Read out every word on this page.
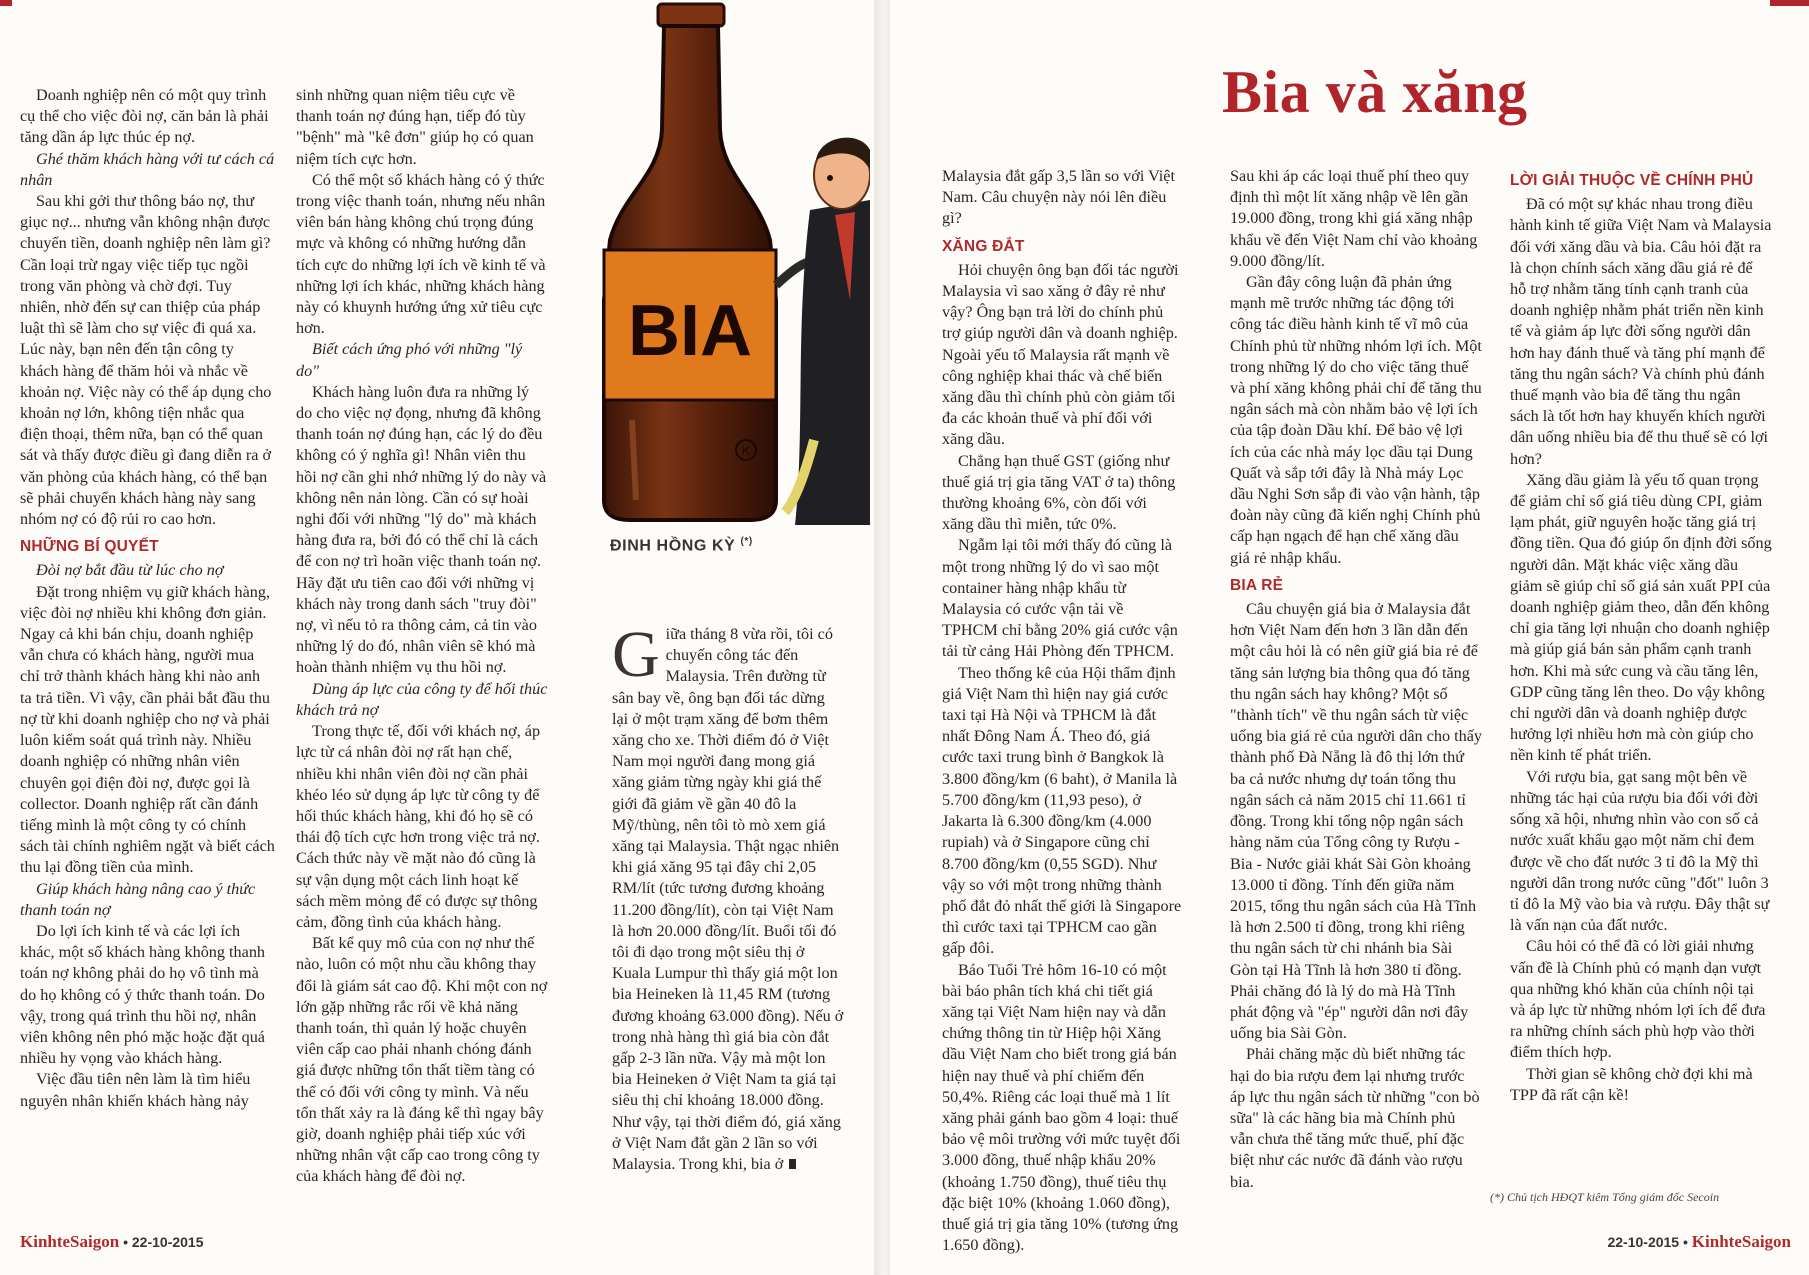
Doanh nghiệp nên có một quy trình cụ thể cho việc đòi nợ, căn bản là phải tăng dần áp lực thúc ép nợ.

Ghé thăm khách hàng với tư cách cá nhân

Sau khi gởi thư thông báo nợ, thư giục nợ... nhưng vẫn không nhận được chuyển tiền, doanh nghiệp nên làm gì? Cần loại trừ ngay việc tiếp tục ngồi trong văn phòng và chờ đợi. Tuy nhiên, nhờ đến sự can thiệp của pháp luật thì sẽ làm cho sự việc đi quá xa. Lúc này, bạn nên đến tận công ty khách hàng để thăm hỏi và nhắc về khoản nợ. Việc này có thể áp dụng cho khoản nợ lớn, không tiện nhắc qua điện thoại, thêm nữa, bạn có thể quan sát và thấy được điều gì đang diễn ra ở văn phòng của khách hàng, có thể bạn sẽ phải chuyển khách hàng này sang nhóm nợ có độ rủi ro cao hơn.

NHỮNG BÍ QUYẾT

Đòi nợ bắt đầu từ lúc cho nợ

Đặt trong nhiệm vụ giữ khách hàng, việc đòi nợ nhiều khi không đơn giản. Ngay cả khi bán chịu, doanh nghiệp vẫn chưa có khách hàng, người mua chỉ trở thành khách hàng khi nào anh ta trả tiền. Vì vậy, cần phải bắt đầu thu nợ từ khi doanh nghiệp cho nợ và phải luôn kiểm soát quá trình này. Nhiều doanh nghiệp có những nhân viên chuyên gọi điện đòi nợ, được gọi là collector. Doanh nghiệp rất cần đánh tiếng mình là một công ty có chính sách tài chính nghiêm ngặt và biết cách thu lại đồng tiền của mình.

Giúp khách hàng nâng cao ý thức thanh toán nợ

Do lợi ích kinh tế và các lợi ích khác, một số khách hàng không thanh toán nợ không phải do họ vô tình mà do họ không có ý thức thanh toán. Do vậy, trong quá trình thu hồi nợ, nhân viên không nên phó mặc hoặc đặt quá nhiều hy vọng vào khách hàng.

Việc đầu tiên nên làm là tìm hiểu nguyên nhân khiến khách hàng nảy

sinh những quan niệm tiêu cực về thanh toán nợ đúng hạn, tiếp đó tùy "bệnh" mà "kê đơn" giúp họ có quan niệm tích cực hơn.

Có thể một số khách hàng có ý thức trong việc thanh toán, nhưng nếu nhân viên bán hàng không chú trọng đúng mực và không có những hướng dẫn tích cực do những lợi ích về kinh tế và những lợi ích khác, những khách hàng này có khuynh hướng ứng xử tiêu cực hơn.

Biết cách ứng phó với những "lý do"

Khách hàng luôn đưa ra những lý do cho việc nợ đọng, nhưng đã không thanh toán nợ đúng hạn, các lý do đều không có ý nghĩa gì! Nhân viên thu hồi nợ cần ghi nhớ những lý do này và không nên nản lòng. Cần có sự hoài nghi đối với những "lý do" mà khách hàng đưa ra, bởi đó có thể chỉ là cách để con nợ trì hoãn việc thanh toán nợ. Hãy đặt ưu tiên cao đối với những vị khách này trong danh sách "truy đòi" nợ, vì nếu tỏ ra thông cảm, cả tin vào những lý do đó, nhân viên sẽ khó mà hoàn thành nhiệm vụ thu hồi nợ.

Dùng áp lực của công ty để hối thúc khách trả nợ

Trong thực tế, đối với khách nợ, áp lực từ cá nhân đòi nợ rất hạn chế, nhiều khi nhân viên đòi nợ cần phải khéo léo sử dụng áp lực từ công ty để hối thúc khách hàng, khi đó họ sẽ có thái độ tích cực hơn trong việc trả nợ. Cách thức này về mặt nào đó cũng là sự vận dụng một cách linh hoạt kế sách mềm mỏng để có được sự thông cảm, đồng tình của khách hàng.

Bất kể quy mô của con nợ như thế nào, luôn có một nhu cầu không thay đổi là giám sát cao độ. Khi một con nợ lớn gặp những rắc rối về khả năng thanh toán, thì quản lý hoặc chuyên viên cấp cao phải nhanh chóng đánh giá được những tổn thất tiềm tàng có thể có đối với công ty mình. Và nếu tổn thất xảy ra là đáng kể thì ngay bây giờ, doanh nghiệp phải tiếp xúc với những nhân vật cấp cao trong công ty của khách hàng để đòi nợ.

BIA
K
ĐINH HỒNG KỲ (*)
Giữa tháng 8 vừa rồi, tôi có chuyến công tác đến Malaysia. Trên đường từ sân bay về, ông bạn đối tác dừng lại ở một trạm xăng để bơm thêm xăng cho xe. Thời điểm đó ở Việt Nam mọi người đang mong giá xăng giảm từng ngày khi giá thế giới đã giảm về gần 40 đô la Mỹ/thùng, nên tôi tò mò xem giá xăng tại Malaysia. Thật ngạc nhiên khi giá xăng 95 tại đây chỉ 2,05 RM/lít (tức tương đương khoảng 11.200 đồng/lít), còn tại Việt Nam là hơn 20.000 đồng/lít. Buổi tối đó tôi đi dạo trong một siêu thị ở Kuala Lumpur thì thấy giá một lon bia Heineken là 11,45 RM (tương đương khoảng 63.000 đồng). Nếu ở trong nhà hàng thì giá bia còn đắt gấp 2-3 lần nữa. Vậy mà một lon bia Heineken ở Việt Nam ta giá tại siêu thị chỉ khoảng 18.000 đồng. Như vậy, tại thời điểm đó, giá xăng ở Việt Nam đắt gần 2 lần so với Malaysia. Trong khi, bia ở
KinhteSaigon • 22-10-2015
Bia và xăng

Malaysia đắt gấp 3,5 lần so với Việt Nam. Câu chuyện này nói lên điều gì?

XĂNG ĐẮT

Hỏi chuyện ông bạn đối tác người Malaysia vì sao xăng ở đây rẻ như vậy? Ông bạn trả lời do chính phủ trợ giúp người dân và doanh nghiệp. Ngoài yếu tố Malaysia rất mạnh về công nghiệp khai thác và chế biến xăng dầu thì chính phủ còn giảm tối đa các khoản thuế và phí đối với xăng dầu.

Chẳng hạn thuế GST (giống như thuế giá trị gia tăng VAT ở ta) thông thường khoảng 6%, còn đối với xăng dầu thì miễn, tức 0%.

Ngẫm lại tôi mới thấy đó cũng là một trong những lý do vì sao một container hàng nhập khẩu từ Malaysia có cước vận tải về TPHCM chỉ bằng 20% giá cước vận tải từ cảng Hải Phòng đến TPHCM.

Theo thống kê của Hội thẩm định giá Việt Nam thì hiện nay giá cước taxi tại Hà Nội và TPHCM là đắt nhất Đông Nam Á. Theo đó, giá cước taxi trung bình ở Bangkok là 3.800 đồng/km (6 baht), ở Manila là 5.700 đồng/km (11,93 peso), ở Jakarta là 6.300 đồng/km (4.000 rupiah) và ở Singapore cũng chỉ 8.700 đồng/km (0,55 SGD). Như vậy so với một trong những thành phố đắt đỏ nhất thế giới là Singapore thì cước taxi tại TPHCM cao gần gấp đôi.

Báo Tuổi Trẻ hôm 16-10 có một bài báo phân tích khá chi tiết giá xăng tại Việt Nam hiện nay và dẫn chứng thông tin từ Hiệp hội Xăng dầu Việt Nam cho biết trong giá bán hiện nay thuế và phí chiếm đến 50,4%. Riêng các loại thuế mà 1 lít xăng phải gánh bao gồm 4 loại: thuế bảo vệ môi trường với mức tuyệt đối 3.000 đồng, thuế nhập khẩu 20% (khoảng 1.750 đồng), thuế tiêu thụ đặc biệt 10% (khoảng 1.060 đồng), thuế giá trị gia tăng 10% (tương ứng 1.650 đồng).

Sau khi áp các loại thuế phí theo quy định thì một lít xăng nhập về lên gần 19.000 đồng, trong khi giá xăng nhập khẩu về đến Việt Nam chỉ vào khoảng 9.000 đồng/lít.

Gần đây công luận đã phản ứng mạnh mẽ trước những tác động tới công tác điều hành kinh tế vĩ mô của Chính phủ từ những nhóm lợi ích. Một trong những lý do cho việc tăng thuế và phí xăng không phải chỉ để tăng thu ngân sách mà còn nhằm bảo vệ lợi ích của tập đoàn Dầu khí. Để bảo vệ lợi ích của các nhà máy lọc dầu tại Dung Quất và sắp tới đây là Nhà máy Lọc dầu Nghi Sơn sắp đi vào vận hành, tập đoàn này cũng đã kiến nghị Chính phủ cấp hạn ngạch để hạn chế xăng dầu giá rẻ nhập khẩu.

BIA RẺ

Câu chuyện giá bia ở Malaysia đắt hơn Việt Nam đến hơn 3 lần dẫn đến một câu hỏi là có nên giữ giá bia rẻ để tăng sản lượng bia thông qua đó tăng thu ngân sách hay không? Một số "thành tích" về thu ngân sách từ việc uống bia giá rẻ của người dân cho thấy thành phố Đà Nẵng là đô thị lớn thứ ba cả nước nhưng dự toán tổng thu ngân sách cả năm 2015 chỉ 11.661 tỉ đồng. Trong khi tổng nộp ngân sách hàng năm của Tổng công ty Rượu - Bia - Nước giải khát Sài Gòn khoảng 13.000 tỉ đồng. Tính đến giữa năm 2015, tổng thu ngân sách của Hà Tĩnh là hơn 2.500 tỉ đồng, trong khi riêng thu ngân sách từ chi nhánh bia Sài Gòn tại Hà Tĩnh là hơn 380 tỉ đồng. Phải chăng đó là lý do mà Hà Tĩnh phát động và "ép" người dân nơi đây uống bia Sài Gòn.

Phải chăng mặc dù biết những tác hại do bia rượu đem lại nhưng trước áp lực thu ngân sách từ những "con bò sữa" là các hãng bia mà Chính phủ vẫn chưa thể tăng mức thuế, phí đặc biệt như các nước đã đánh vào rượu bia.

LỜI GIẢI THUỘC VỀ CHÍNH PHỦ

Đã có một sự khác nhau trong điều hành kinh tế giữa Việt Nam và Malaysia đối với xăng dầu và bia. Câu hỏi đặt ra là chọn chính sách xăng dầu giá rẻ để hỗ trợ nhằm tăng tính cạnh tranh của doanh nghiệp nhằm phát triển nền kinh tế và giảm áp lực đời sống người dân hơn hay đánh thuế và tăng phí mạnh để tăng thu ngân sách? Và chính phủ đánh thuế mạnh vào bia để tăng thu ngân sách là tốt hơn hay khuyến khích người dân uống nhiều bia để thu thuế sẽ có lợi hơn?

Xăng dầu giảm là yếu tố quan trọng để giảm chỉ số giá tiêu dùng CPI, giảm lạm phát, giữ nguyên hoặc tăng giá trị đồng tiền. Qua đó giúp ổn định đời sống người dân. Mặt khác việc xăng dầu giảm sẽ giúp chỉ số giá sản xuất PPI của doanh nghiệp giảm theo, dẫn đến không chỉ gia tăng lợi nhuận cho doanh nghiệp mà giúp giá bán sản phẩm cạnh tranh hơn. Khi mà sức cung và cầu tăng lên, GDP cũng tăng lên theo. Do vậy không chỉ người dân và doanh nghiệp được hưởng lợi nhiều hơn mà còn giúp cho nền kinh tế phát triển.

Với rượu bia, gạt sang một bên về những tác hại của rượu bia đối với đời sống xã hội, nhưng nhìn vào con số cả nước xuất khẩu gạo một năm chỉ đem được về cho đất nước 3 tỉ đô la Mỹ thì người dân trong nước cũng "đốt" luôn 3 tỉ đô la Mỹ vào bia và rượu. Đây thật sự là vấn nạn của đất nước.

Câu hỏi có thể đã có lời giải nhưng vấn đề là Chính phủ có mạnh dạn vượt qua những khó khăn của chính nội tại và áp lực từ những nhóm lợi ích để đưa ra những chính sách phù hợp vào thời điểm thích hợp.

Thời gian sẽ không chờ đợi khi mà TPP đã rất cận kề!

(*) Chủ tịch HĐQT kiêm Tổng giám đốc Secoin
22-10-2015 • KinhteSaigon
